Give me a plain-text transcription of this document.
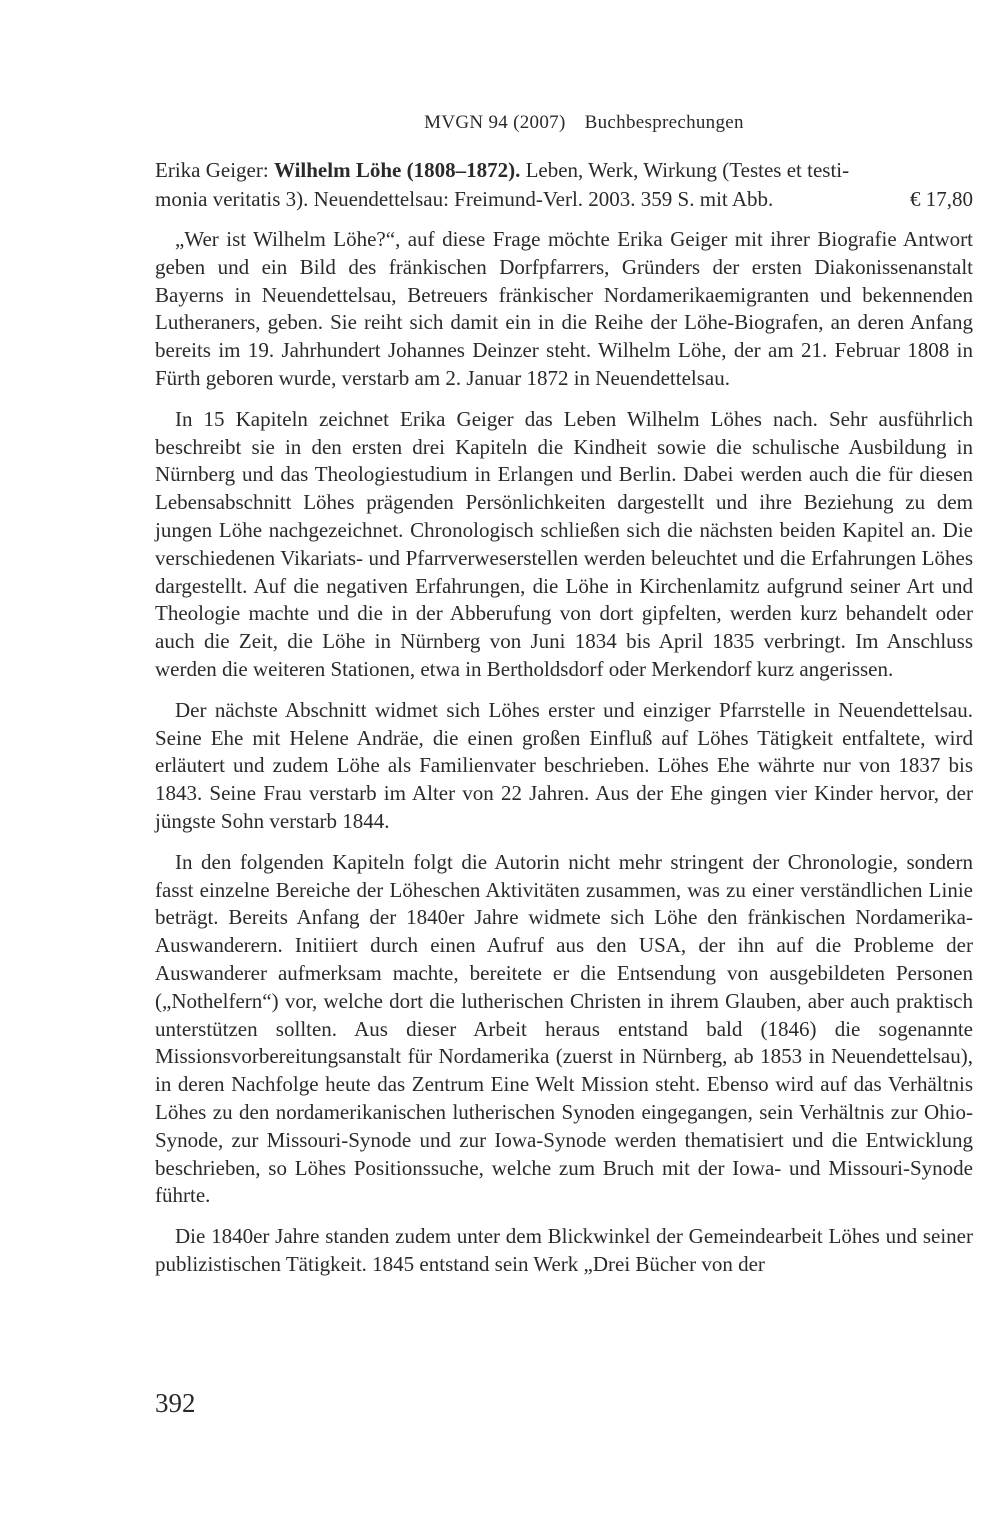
MVGN 94 (2007) Buchbesprechungen
Erika Geiger: Wilhelm Löhe (1808–1872). Leben, Werk, Wirkung (Testes et testi-
monia veritatis 3). Neuendettelsau: Freimund-Verl. 2003. 359 S. mit Abb.	€ 17,80

„Wer ist Wilhelm Löhe?“, auf diese Frage möchte Erika Geiger mit ihrer Biografie Antwort geben und ein Bild des fränkischen Dorfpfarrers, Gründers der ersten Diakonissenanstalt Bayerns in Neuendettelsau, Betreuers fränkischer Nordamerikaemigranten und bekennenden Lutheraners, geben. Sie reiht sich damit ein in die Reihe der Löhe-Biografen, an deren Anfang bereits im 19. Jahrhundert Johannes Deinzer steht. Wilhelm Löhe, der am 21. Februar 1808 in Fürth geboren wurde, verstarb am 2. Januar 1872 in Neuendettelsau.

In 15 Kapiteln zeichnet Erika Geiger das Leben Wilhelm Löhes nach. Sehr ausführlich beschreibt sie in den ersten drei Kapiteln die Kindheit sowie die schulische Ausbildung in Nürnberg und das Theologiestudium in Erlangen und Berlin. Dabei werden auch die für diesen Lebensabschnitt Löhes prägenden Persönlichkeiten dargestellt und ihre Beziehung zu dem jungen Löhe nachgezeichnet. Chronologisch schließen sich die nächsten beiden Kapitel an. Die verschiedenen Vikariats- und Pfarrverweserstellen werden beleuchtet und die Erfahrungen Löhes dargestellt. Auf die negativen Erfahrungen, die Löhe in Kirchenlamitz aufgrund seiner Art und Theologie machte und die in der Abberufung von dort gipfelten, werden kurz behandelt oder auch die Zeit, die Löhe in Nürnberg von Juni 1834 bis April 1835 verbringt. Im Anschluss werden die weiteren Stationen, etwa in Bertholdsdorf oder Merkendorf kurz angerissen.

Der nächste Abschnitt widmet sich Löhes erster und einziger Pfarrstelle in Neuendettelsau. Seine Ehe mit Helene Andräe, die einen großen Einfluß auf Löhes Tätigkeit entfaltete, wird erläutert und zudem Löhe als Familienvater beschrieben. Löhes Ehe währte nur von 1837 bis 1843. Seine Frau verstarb im Alter von 22 Jahren. Aus der Ehe gingen vier Kinder hervor, der jüngste Sohn verstarb 1844.

In den folgenden Kapiteln folgt die Autorin nicht mehr stringent der Chronologie, sondern fasst einzelne Bereiche der Löheschen Aktivitäten zusammen, was zu einer verständlichen Linie beträgt. Bereits Anfang der 1840er Jahre widmete sich Löhe den fränkischen Nordamerika-Auswanderern. Initiiert durch einen Aufruf aus den USA, der ihn auf die Probleme der Auswanderer aufmerksam machte, bereitete er die Entsendung von ausgebildeten Personen („Nothelfern“) vor, welche dort die lutherischen Christen in ihrem Glauben, aber auch praktisch unterstützen sollten. Aus dieser Arbeit heraus entstand bald (1846) die sogenannte Missionsvorbereitungsanstalt für Nordamerika (zuerst in Nürnberg, ab 1853 in Neuendettelsau), in deren Nachfolge heute das Zentrum Eine Welt Mission steht. Ebenso wird auf das Verhältnis Löhes zu den nordamerikanischen lutherischen Synoden eingegangen, sein Verhältnis zur Ohio-Synode, zur Missouri-Synode und zur Iowa-Synode werden thematisiert und die Entwicklung beschrieben, so Löhes Positionssuche, welche zum Bruch mit der Iowa- und Missouri-Synode führte.

Die 1840er Jahre standen zudem unter dem Blickwinkel der Gemeindearbeit Löhes und seiner publizistischen Tätigkeit. 1845 entstand sein Werk „Drei Bücher von der

392
